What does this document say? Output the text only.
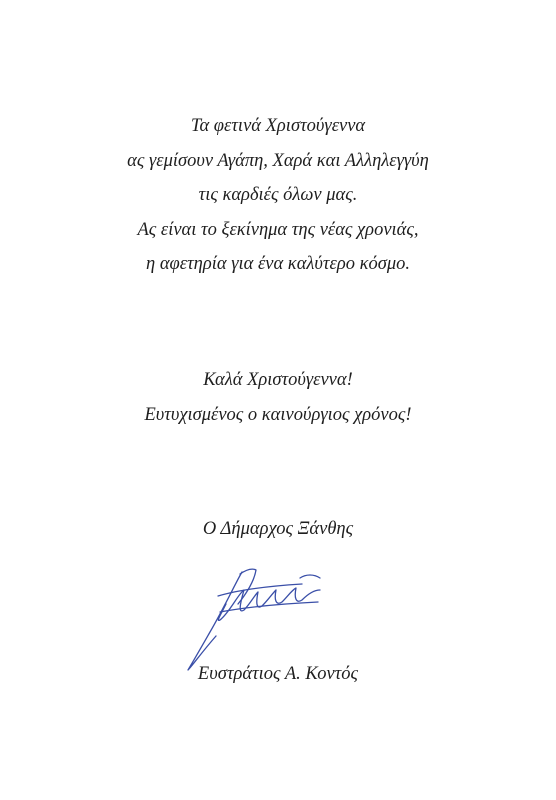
Τα φετινά Χριστούγεννα
ας γεμίσουν Αγάπη, Χαρά και Αλληλεγγύη
τις καρδιές όλων μας.
Ας είναι το ξεκίνημα της νέας χρονιάς,
η αφετηρία για ένα καλύτερο κόσμο.
Καλά Χριστούγεννα!
Ευτυχισμένος ο καινούργιος χρόνος!
Ο Δήμαρχος Ξάνθης
Ευστράτιος Α. Κοντός
